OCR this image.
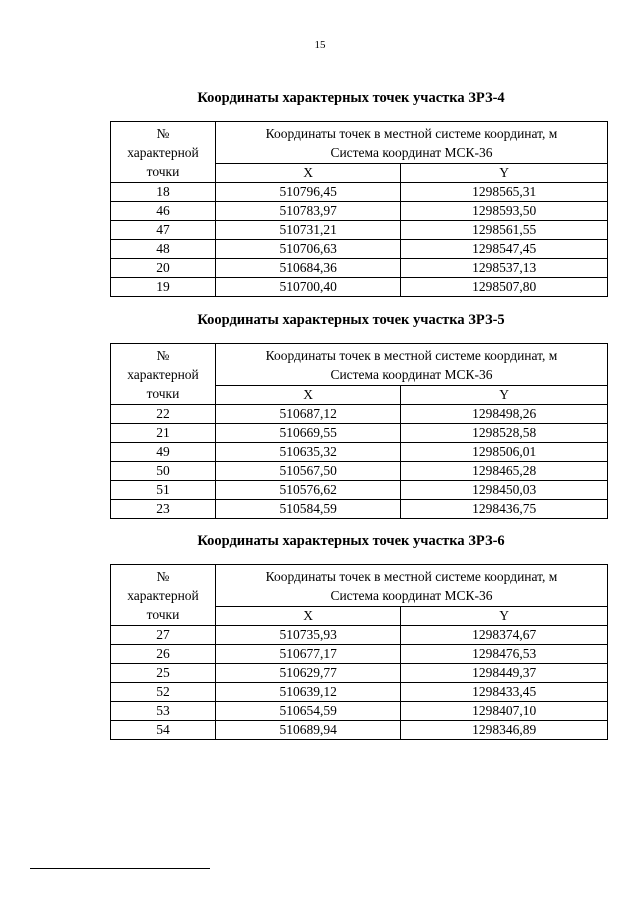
15
Координаты характерных точек участка ЗРЗ-4
№
характерной
точки	Координаты точек в местной системе координат, м
Система координат МСК-36	

	X	Y
18	510796,45	1298565,31
46	510783,97	1298593,50
47	510731,21	1298561,55
48	510706,63	1298547,45
20	510684,36	1298537,13
19	510700,40	1298507,80
Координаты характерных точек участка ЗРЗ-5
№
характерной
точки	Координаты точек в местной системе координат, м
Система координат МСК-36	

	X	Y
22	510687,12	1298498,26
21	510669,55	1298528,58
49	510635,32	1298506,01
50	510567,50	1298465,28
51	510576,62	1298450,03
23	510584,59	1298436,75
Координаты характерных точек участка ЗРЗ-6
№
характерной
точки	Координаты точек в местной системе координат, м
Система координат МСК-36	

	X	Y
27	510735,93	1298374,67
26	510677,17	1298476,53
25	510629,77	1298449,37
52	510639,12	1298433,45
53	510654,59	1298407,10
54	510689,94	1298346,89
